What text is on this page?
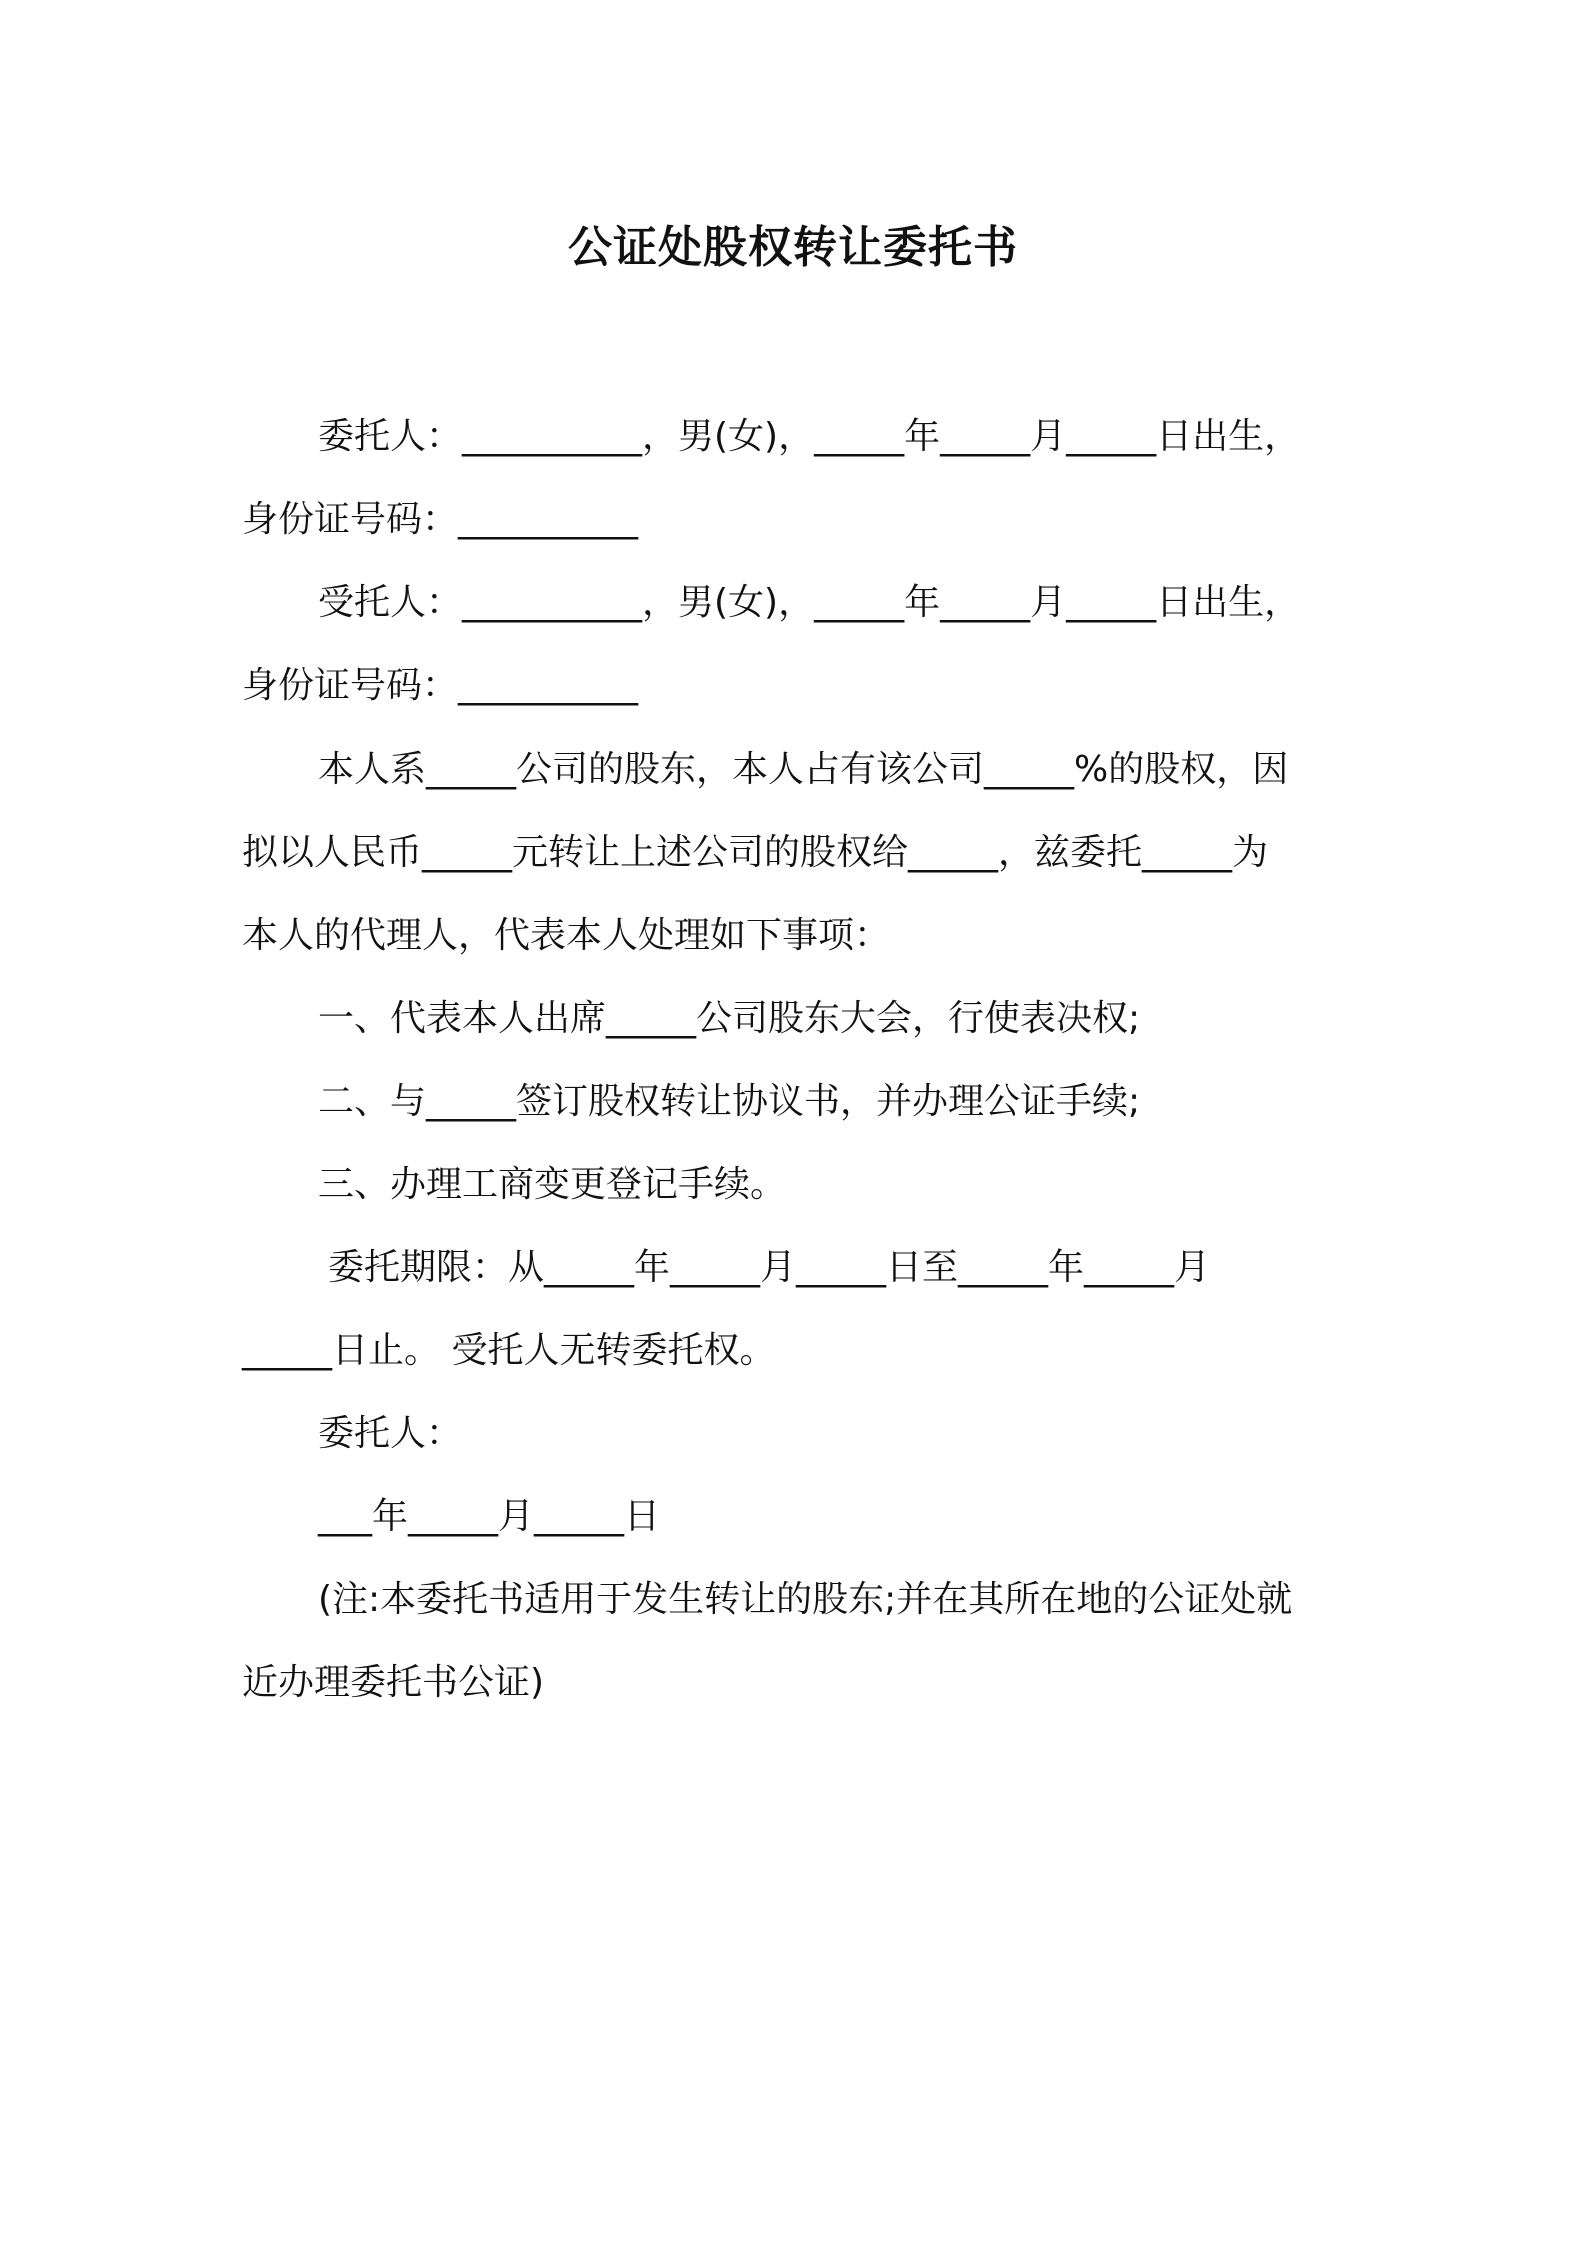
公证处股权转让委托书

委托人：__________，男(女)，_____年_____月_____日出生，

身份证号码：__________

受托人：__________，男(女)，_____年_____月_____日出生，

身份证号码：__________

本人系_____公司的股东，本人占有该公司_____%的股权，因

拟以人民币_____元转让上述公司的股权给_____，兹委托_____为

本人的代理人，代表本人处理如下事项：

一、代表本人出席_____公司股东大会，行使表决权;

二、与_____签订股权转让协议书，并办理公证手续;

三、办理工商变更登记手续。

委托期限：从_____年_____月_____日至_____年_____月

_____日止。 受托人无转委托权。

委托人：

___年_____月_____日

(注:本委托书适用于发生转让的股东;并在其所在地的公证处就

近办理委托书公证)
